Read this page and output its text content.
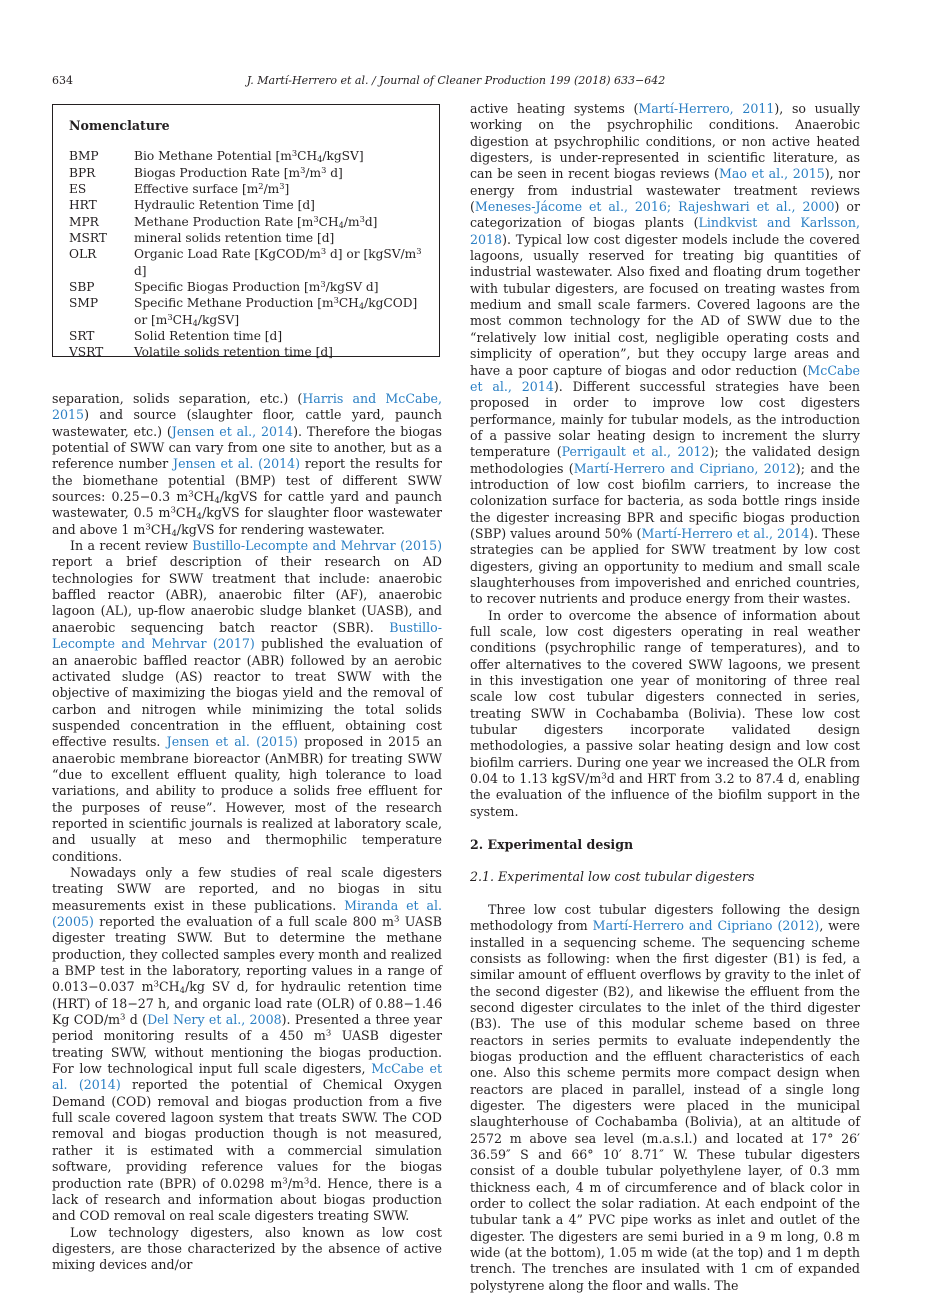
634	J. Martí-Herrero et al. / Journal of Cleaner Production 199 (2018) 633−642
Nomenclature
BMP	Bio Methane Potential $[m^3CH_4/kgSV]$
BPR	Biogas Production Rate [$m^3/m^3$ d]
ES	Effective surface $[m^2/m^3]$
HRT	Hydraulic Retention Time [d]
MPR	Methane Production Rate $[m^3CH_4/m^3d]$
MSRT	mineral solids retention time [d]
OLR	Organic Load Rate [$KgCOD/m^3$ d] or [$kgSV/m^3$ d]
SBP	Specific Biogas Production [$m^3$/kgSV d]
SMP	Specific Methane Production $[m^3CH_4/kgCOD]$ or $[m^3CH_4/kgSV]$
SRT	Solid Retention time [d]
VSRT	Volatile solids retention time [d]

separation, solids separation, etc.) (Harris and McCabe, 2015) and source (slaughter floor, cattle yard, paunch wastewater, etc.) (Jensen et al., 2014). Therefore the biogas potential of SWW can vary from one site to another, but as a reference number Jensen et al. (2014) report the results for the biomethane potential (BMP) test of different SWW sources: 0.25−0.3 $m^3CH_4$/kgVS for cattle yard and paunch wastewater, 0.5 $m^3CH_4$/kgVS for slaughter floor wastewater and above 1 $m^3CH_4$/kgVS for rendering wastewater.

In a recent review Bustillo-Lecompte and Mehrvar (2015) report a brief description of their research on AD technologies for SWW treatment that include: anaerobic baffled reactor (ABR), anaerobic filter (AF), anaerobic lagoon (AL), up-flow anaerobic sludge blanket (UASB), and anaerobic sequencing batch reactor (SBR). Bustillo-Lecompte and Mehrvar (2017) published the evaluation of an anaerobic baffled reactor (ABR) followed by an aerobic activated sludge (AS) reactor to treat SWW with the objective of maximizing the biogas yield and the removal of carbon and nitrogen while minimizing the total solids suspended concentration in the effluent, obtaining cost effective results. Jensen et al. (2015) proposed in 2015 an anaerobic membrane bioreactor (AnMBR) for treating SWW “due to excellent effluent quality, high tolerance to load variations, and ability to produce a solids free effluent for the purposes of reuse”. However, most of the research reported in scientific journals is realized at laboratory scale, and usually at meso and thermophilic temperature conditions.

Nowadays only a few studies of real scale digesters treating SWW are reported, and no biogas in situ measurements exist in these publications. Miranda et al. (2005) reported the evaluation of a full scale 800 $m^3$ UASB digester treating SWW. But to determine the methane production, they collected samples every month and realized a BMP test in the laboratory, reporting values in a range of 0.013−0.037 $m^3CH_4/kg$ SV d, for hydraulic retention time (HRT) of 18−27 h, and organic load rate (OLR) of 0.88−1.46 Kg COD/$m^3$ d (Del Nery et al., 2008). Presented a three year period monitoring results of a 450 $m^3$ UASB digester treating SWW, without mentioning the biogas production. For low technological input full scale digesters, McCabe et al. (2014) reported the potential of Chemical Oxygen Demand (COD) removal and biogas production from a five full scale covered lagoon system that treats SWW. The COD removal and biogas production though is not measured, rather it is estimated with a commercial simulation software, providing reference values for the biogas production rate (BPR) of 0.0298 $m^3/m^3d$. Hence, there is a lack of research and information about biogas production and COD removal on real scale digesters treating SWW.

Low technology digesters, also known as low cost digesters, are those characterized by the absence of active mixing devices and/or

active heating systems (Martí-Herrero, 2011), so usually working on the psychrophilic conditions. Anaerobic digestion at psychrophilic conditions, or non active heated digesters, is under-represented in scientific literature, as can be seen in recent biogas reviews (Mao et al., 2015), nor energy from industrial wastewater treatment reviews (Meneses-Jácome et al., 2016; Rajeshwari et al., 2000) or categorization of biogas plants (Lindkvist and Karlsson, 2018). Typical low cost digester models include the covered lagoons, usually reserved for treating big quantities of industrial wastewater. Also fixed and floating drum together with tubular digesters, are focused on treating wastes from medium and small scale farmers. Covered lagoons are the most common technology for the AD of SWW due to the “relatively low initial cost, negligible operating costs and simplicity of operation”, but they occupy large areas and have a poor capture of biogas and odor reduction (McCabe et al., 2014). Different successful strategies have been proposed in order to improve low cost digesters performance, mainly for tubular models, as the introduction of a passive solar heating design to increment the slurry temperature (Perrigault et al., 2012); the validated design methodologies (Martí-Herrero and Cipriano, 2012); and the introduction of low cost biofilm carriers, to increase the colonization surface for bacteria, as soda bottle rings inside the digester increasing BPR and specific biogas production (SBP) values around 50% (Martí-Herrero et al., 2014). These strategies can be applied for SWW treatment by low cost digesters, giving an opportunity to medium and small scale slaughterhouses from impoverished and enriched countries, to recover nutrients and produce energy from their wastes.

In order to overcome the absence of information about full scale, low cost digesters operating in real weather conditions (psychrophilic range of temperatures), and to offer alternatives to the covered SWW lagoons, we present in this investigation one year of monitoring of three real scale low cost tubular digesters connected in series, treating SWW in Cochabamba (Bolivia). These low cost tubular digesters incorporate validated design methodologies, a passive solar heating design and low cost biofilm carriers. During one year we increased the OLR from 0.04 to 1.13 kgSV/$m^3d$ and HRT from 3.2 to 87.4 d, enabling the evaluation of the influence of the biofilm support in the system.

2. Experimental design

2.1. Experimental low cost tubular digesters

Three low cost tubular digesters following the design methodology from Martí-Herrero and Cipriano (2012), were installed in a sequencing scheme. The sequencing scheme consists as following: when the first digester (B1) is fed, a similar amount of effluent overflows by gravity to the inlet of the second digester (B2), and likewise the effluent from the second digester circulates to the inlet of the third digester (B3). The use of this modular scheme based on three reactors in series permits to evaluate independently the biogas production and the effluent characteristics of each one. Also this scheme permits more compact design when reactors are placed in parallel, instead of a single long digester. The digesters were placed in the municipal slaughterhouse of Cochabamba (Bolivia), at an altitude of 2572 m above sea level (m.a.s.l.) and located at 17° 26′ 36.59″ S and 66° 10′ 8.71″ W. These tubular digesters consist of a double tubular polyethylene layer, of 0.3 mm thickness each, 4 m of circumference and of black color in order to collect the solar radiation. At each endpoint of the tubular tank a 4” PVC pipe works as inlet and outlet of the digester. The digesters are semi buried in a 9 m long, 0.8 m wide (at the bottom), 1.05 m wide (at the top) and 1 m depth trench. The trenches are insulated with 1 cm of expanded polystyrene along the floor and walls. The
